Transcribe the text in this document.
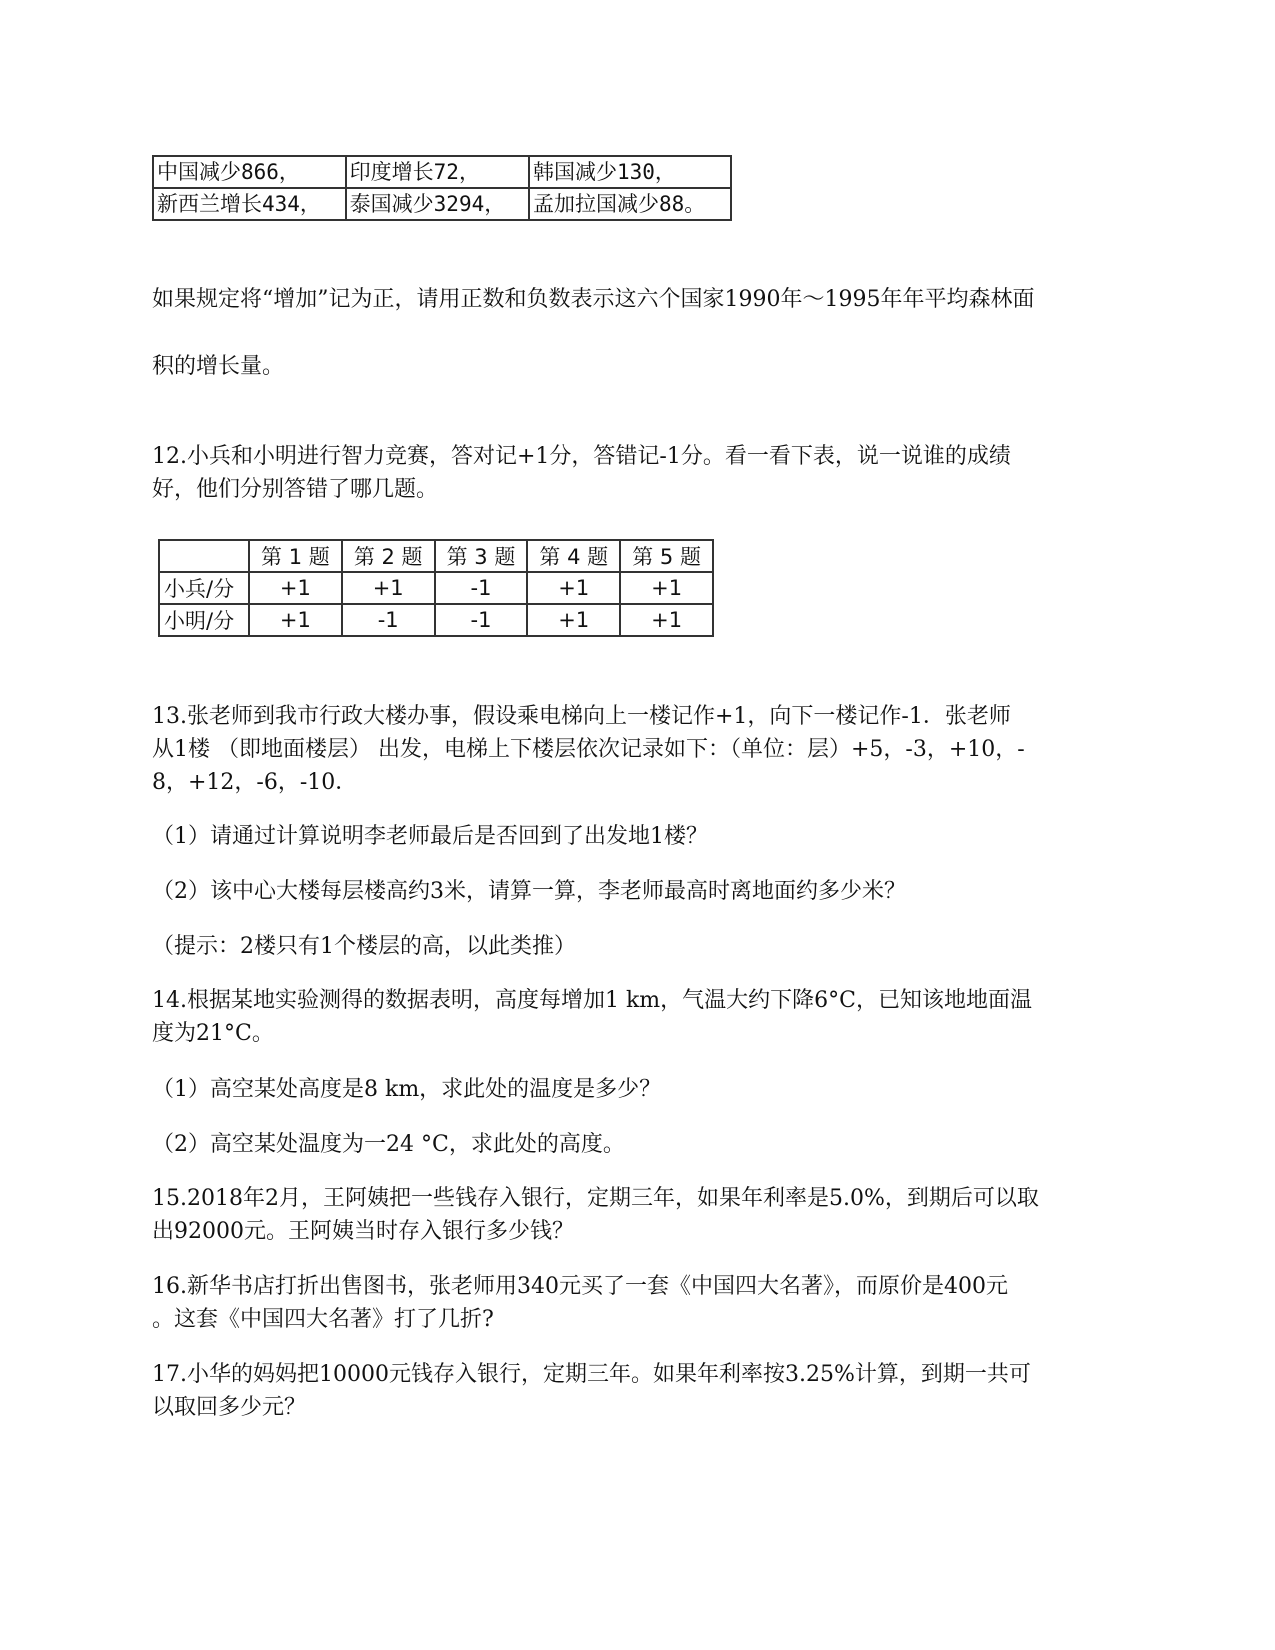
中国减少866，	印度增长72，	韩国减少130，
新西兰增长434，	泰国减少3294，	孟加拉国减少88。
如果规定将“增加”记为正，请用正数和负数表示这六个国家1990年～1995年年平均森林面
积的增长量。
12.小兵和小明进行智力竞赛，答对记+1分，答错记-1分。看一看下表，说一说谁的成绩
好，他们分别答错了哪几题。
	第 1 题	第 2 题	第 3 题	第 4 题	第 5 题
小兵/分	+1	+1	-1	+1	+1
小明/分	+1	-1	-1	+1	+1
13.张老师到我市行政大楼办事，假设乘电梯向上一楼记作+1，向下一楼记作-1．张老师
从1楼 （即地面楼层） 出发，电梯上下楼层依次记录如下：（单位：层）+5，-3，+10，-
8，+12，-6，-10．
（1）请通过计算说明李老师最后是否回到了出发地1楼？
（2）该中心大楼每层楼高约3米，请算一算，李老师最高时离地面约多少米？
（提示：2楼只有1个楼层的高，以此类推）
14.根据某地实验测得的数据表明，高度每增加1 km，气温大约下降6°C，已知该地地面温
度为21°C。
（1）高空某处高度是8 km，求此处的温度是多少？
（2）高空某处温度为一24 °C，求此处的高度。
15.2018年2月，王阿姨把一些钱存入银行，定期三年，如果年利率是5.0%，到期后可以取
出92000元。王阿姨当时存入银行多少钱？
16.新华书店打折出售图书，张老师用340元买了一套《中国四大名著》，而原价是400元
。这套《中国四大名著》打了几折?
17.小华的妈妈把10000元钱存入银行，定期三年。如果年利率按3.25%计算，到期一共可
以取回多少元？
